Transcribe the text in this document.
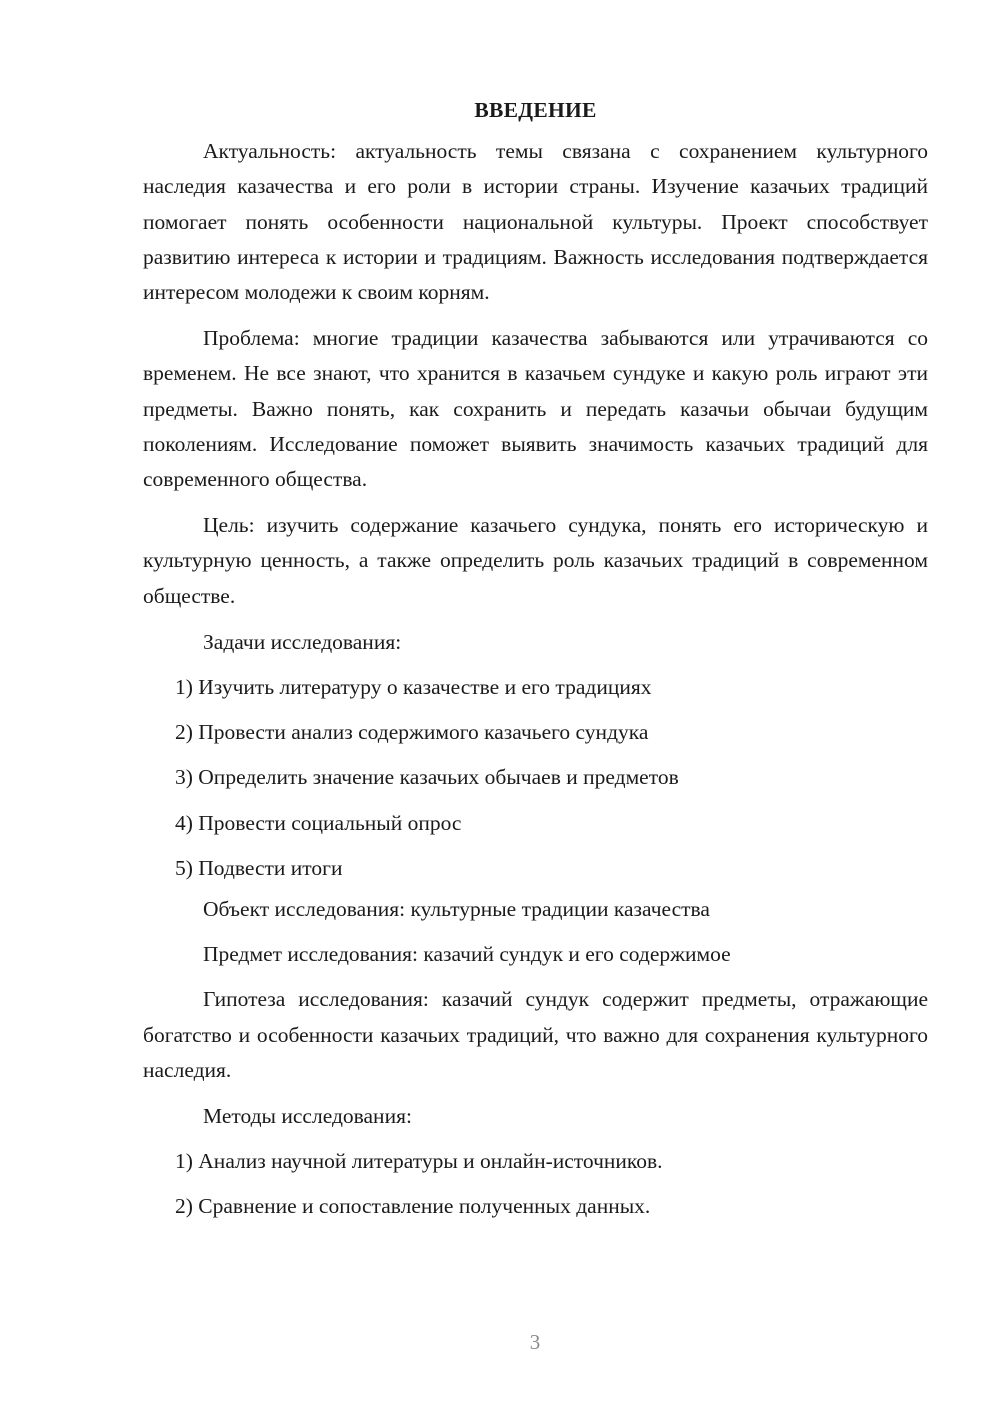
ВВЕДЕНИЕ

Актуальность: актуальность темы связана с сохранением культурного наследия казачества и его роли в истории страны. Изучение казачьих традиций помогает понять особенности национальной культуры. Проект способствует развитию интереса к истории и традициям. Важность исследования подтверждается интересом молодежи к своим корням.

Проблема: многие традиции казачества забываются или утрачиваются со временем. Не все знают, что хранится в казачьем сундуке и какую роль играют эти предметы. Важно понять, как сохранить и передать казачьи обычаи будущим поколениям. Исследование поможет выявить значимость казачьих традиций для современного общества.

Цель: изучить содержание казачьего сундука, понять его историческую и культурную ценность, а также определить роль казачьих традиций в современном обществе.

Задачи исследования:

1) Изучить литературу о казачестве и его традициях
2) Провести анализ содержимого казачьего сундука
3) Определить значение казачьих обычаев и предметов
4) Провести социальный опрос
5) Подвести итоги

Объект исследования: культурные традиции казачества

Предмет исследования: казачий сундук и его содержимое

Гипотеза исследования: казачий сундук содержит предметы, отражающие богатство и особенности казачьих традиций, что важно для сохранения культурного наследия.

Методы исследования:

1) Анализ научной литературы и онлайн-источников.
2) Сравнение и сопоставление полученных данных.
3
